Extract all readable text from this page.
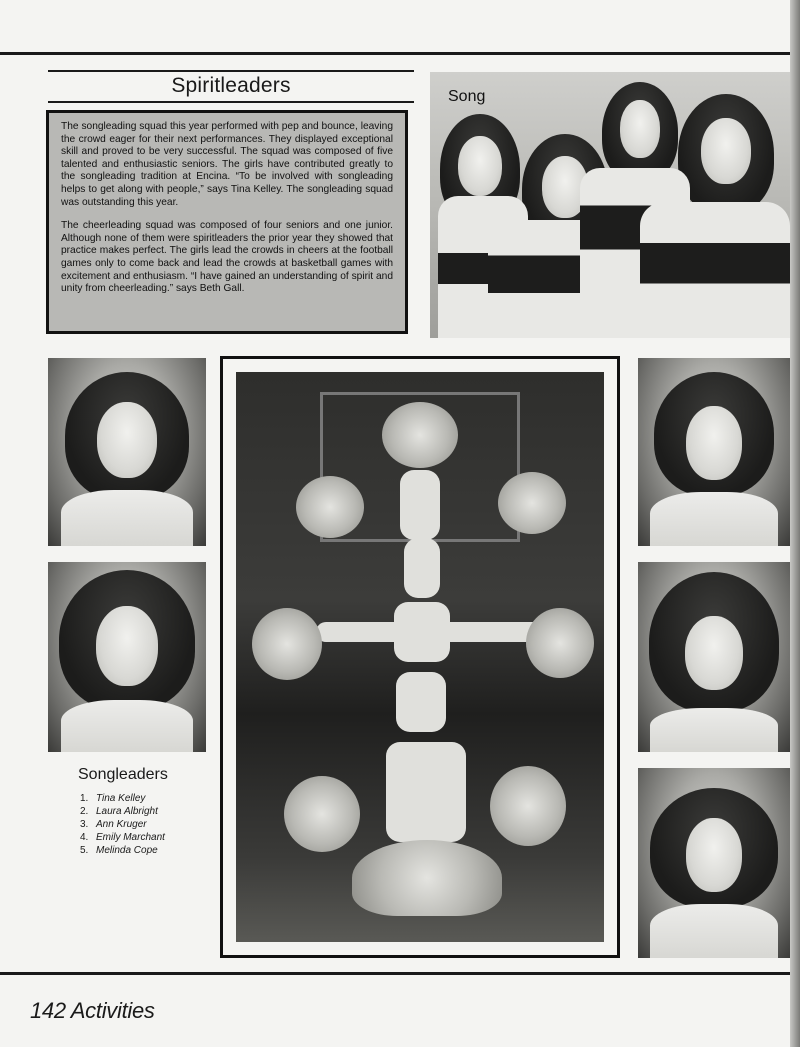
Spiritleaders

The songleading squad this year performed with pep and bounce, leaving the crowd eager for their next performances. They displayed exceptional skill and proved to be very successful. The squad was composed of five talented and enthusiastic seniors. The girls have contributed greatly to the songleading tradition at Encina. “To be involved with songleading helps to get along with people,” says Tina Kelley. The songleading squad was outstanding this year.

The cheerleading squad was composed of four seniors and one junior. Although none of them were spiritleaders the prior year they showed that practice makes perfect. The girls lead the crowds in cheers at the football games only to come back and lead the crowds at basketball games with excitement and enthusiasm. “I have gained an understanding of spirit and unity from cheerleading.” says Beth Gall.

Song
Songleaders
1. Tina Kelley
2. Laura Albright
3. Ann Kruger
4. Emily Marchant
5. Melinda Cope
142 Activities
